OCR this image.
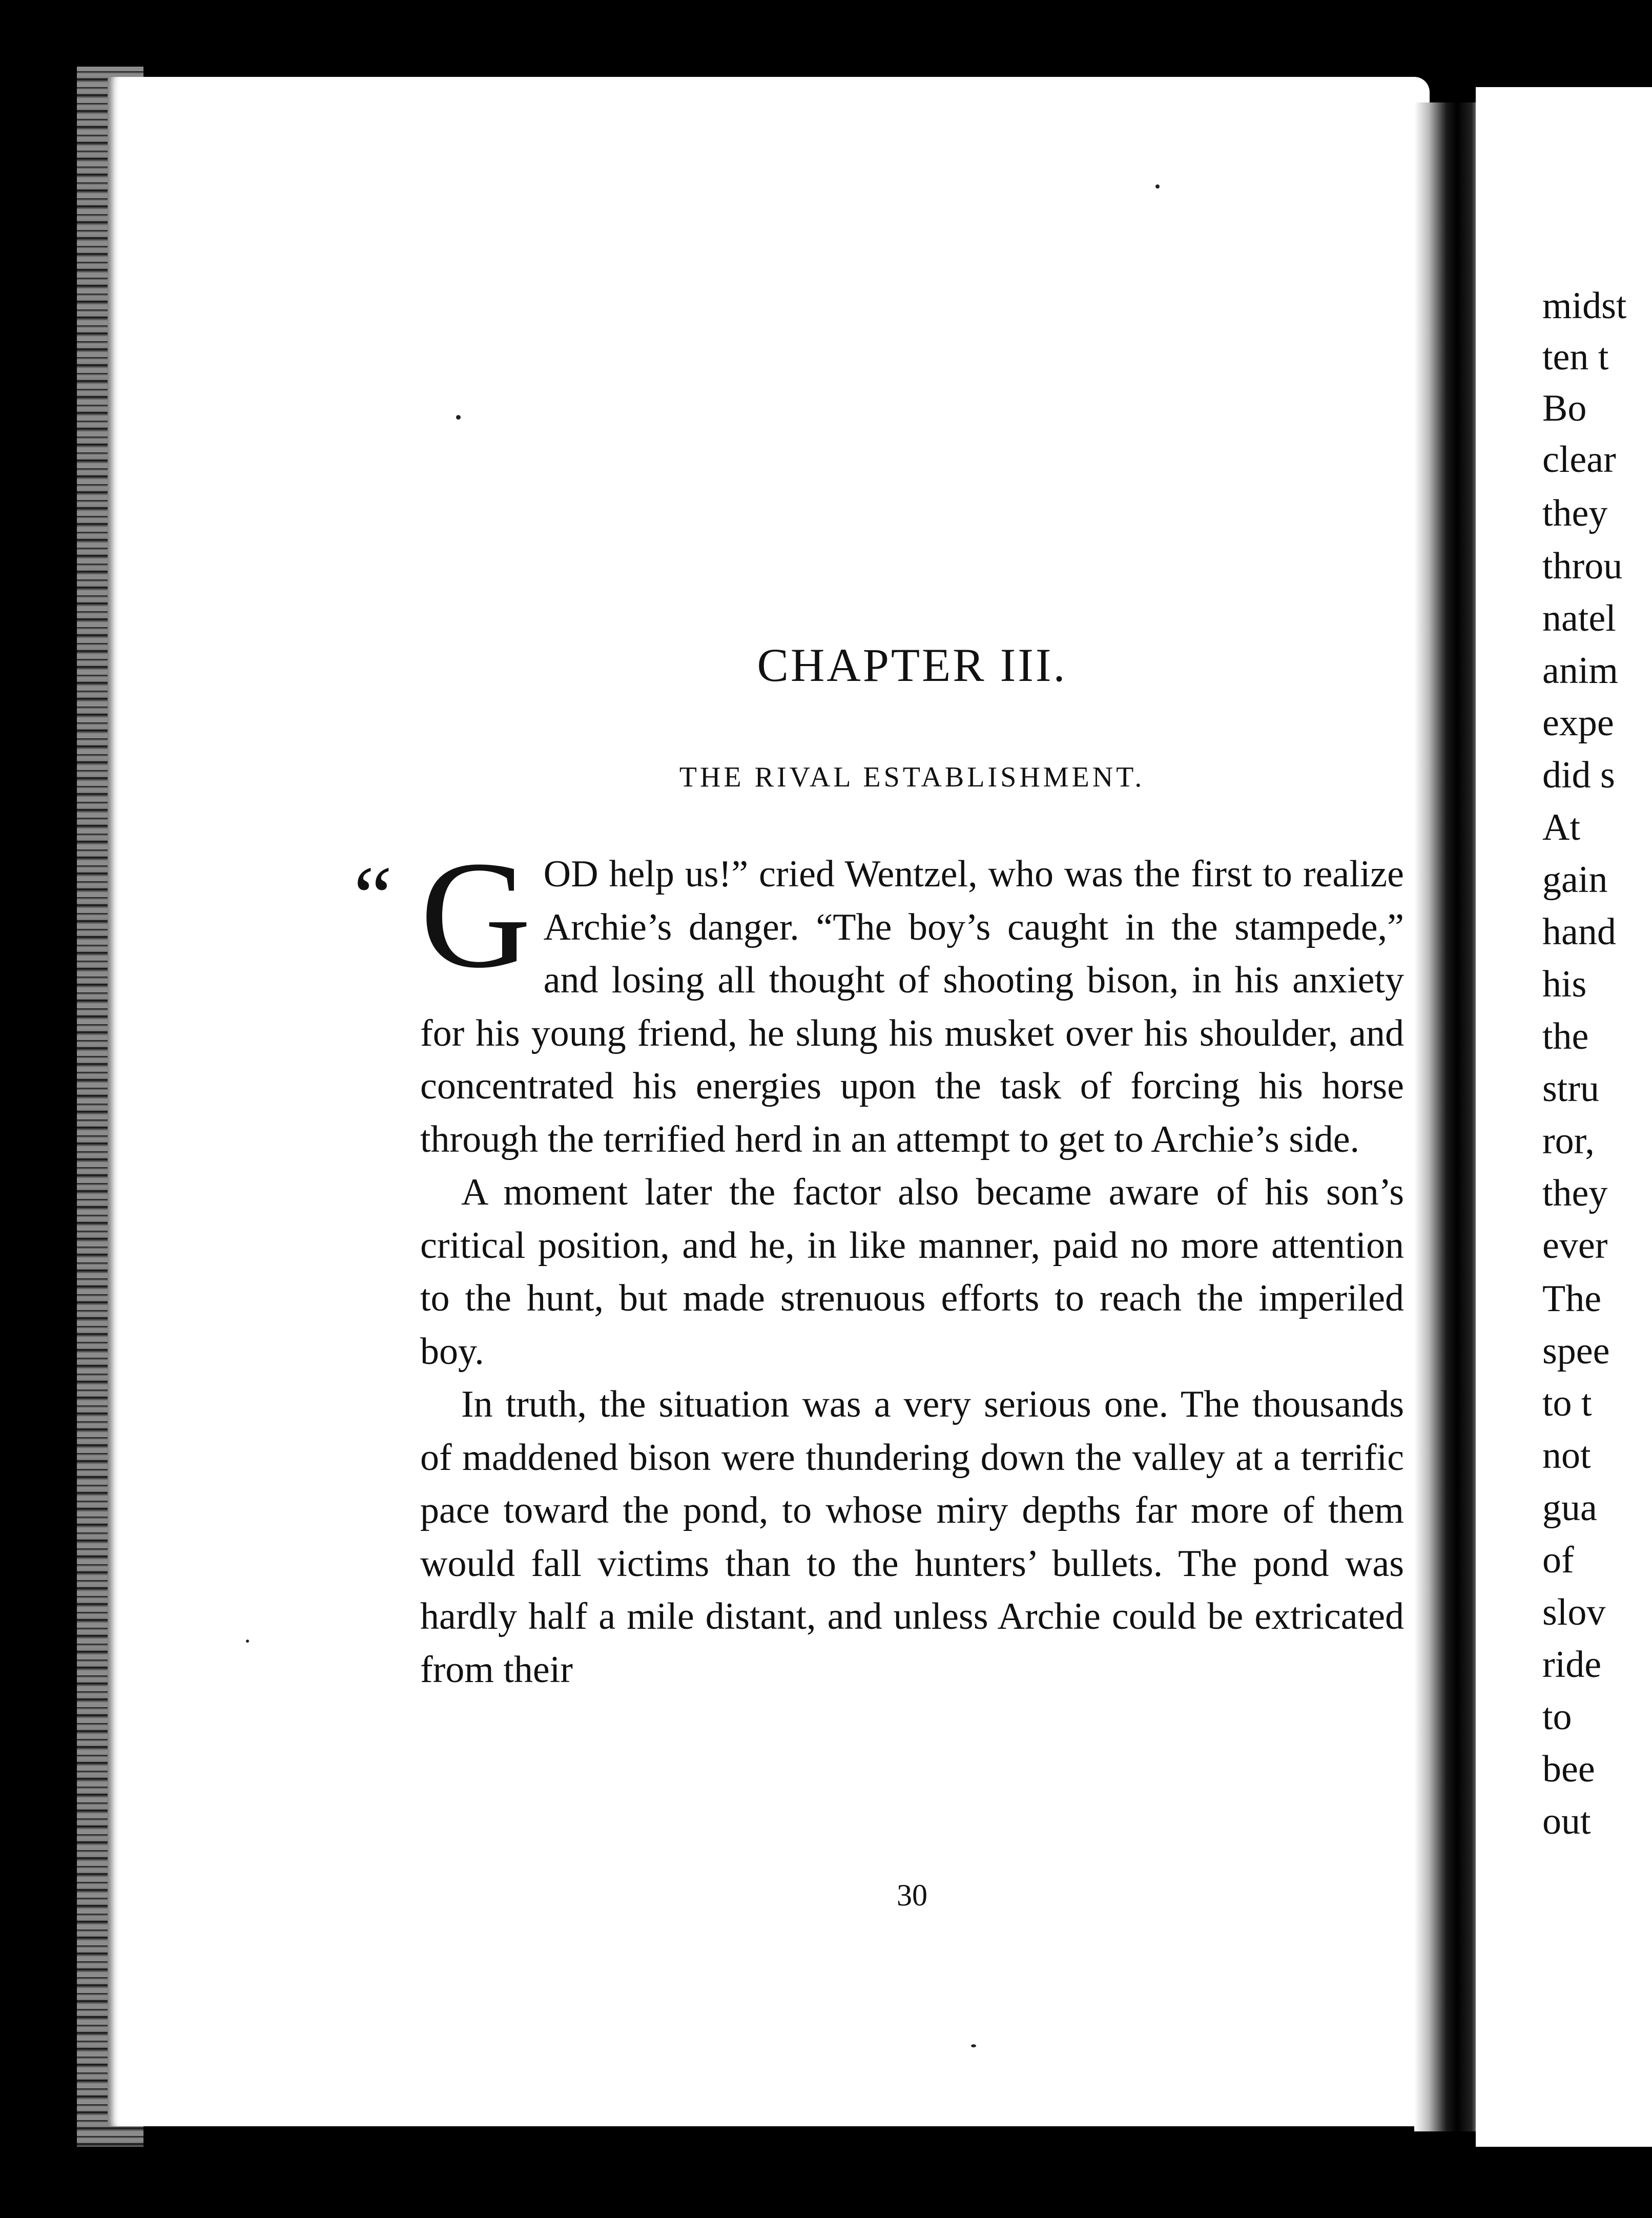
CHAPTER III.
THE RIVAL ESTABLISHMENT.

“ G OD help us!” cried Wentzel, who was the first to realize Archie’s danger. “The boy’s caught in the stampede,” and losing all thought of shooting bison, in his anxiety for his young friend, he slung his musket over his shoulder, and concentrated his energies upon the task of forcing his horse through the terrified herd in an attempt to get to Archie’s side.

A moment later the factor also became aware of his son’s critical position, and he, in like manner, paid no more attention to the hunt, but made strenuous efforts to reach the imperiled boy.

In truth, the situation was a very serious one. The thousands of maddened bison were thundering down the valley at a terrific pace toward the pond, to whose miry depths far more of them would fall victims than to the hunters’ bullets. The pond was hardly half a mile distant, and unless Archie could be extricated from their

30
midst
ten t
Bo
clear
they
throu
natel
anim
expe
did s
At
gain
hand
his
the
stru
ror,
they
ever
The
spee
to t
not
gua
of
slov
ride
to
bee
out
